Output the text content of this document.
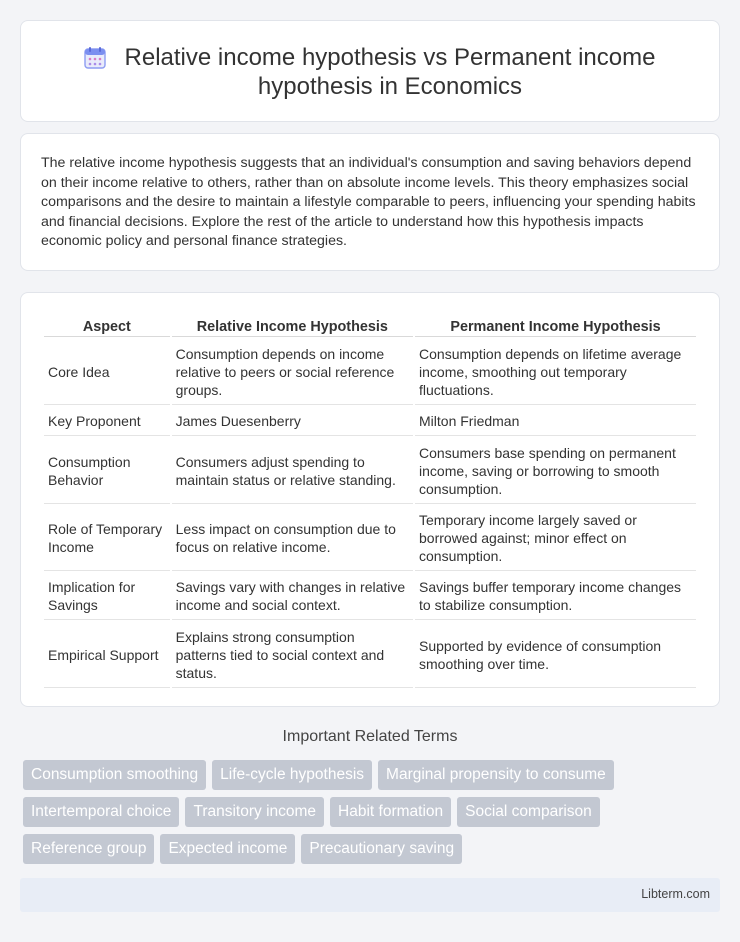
Relative income hypothesis vs Permanent income hypothesis in Economics

The relative income hypothesis suggests that an individual's consumption and saving behaviors depend on their income relative to others, rather than on absolute income levels. This theory emphasizes social comparisons and the desire to maintain a lifestyle comparable to peers, influencing your spending habits and financial decisions. Explore the rest of the article to understand how this hypothesis impacts economic policy and personal finance strategies.

Aspect	Relative Income Hypothesis	Permanent Income Hypothesis
Core Idea	Consumption depends on income relative to peers or social reference groups.	Consumption depends on lifetime average income, smoothing out temporary fluctuations.
Key Proponent	James Duesenberry	Milton Friedman
Consumption Behavior	Consumers adjust spending to maintain status or relative standing.	Consumers base spending on permanent income, saving or borrowing to smooth consumption.
Role of Temporary Income	Less impact on consumption due to focus on relative income.	Temporary income largely saved or borrowed against; minor effect on consumption.
Implication for Savings	Savings vary with changes in relative income and social context.	Savings buffer temporary income changes to stabilize consumption.
Empirical Support	Explains strong consumption patterns tied to social context and status.	Supported by evidence of consumption smoothing over time.
Important Related Terms
Consumption smoothing	Life-cycle hypothesis	Marginal propensity to consume
Intertemporal choice	Transitory income	Habit formation	Social comparison
Reference group	Expected income	Precautionary saving
Libterm.com
